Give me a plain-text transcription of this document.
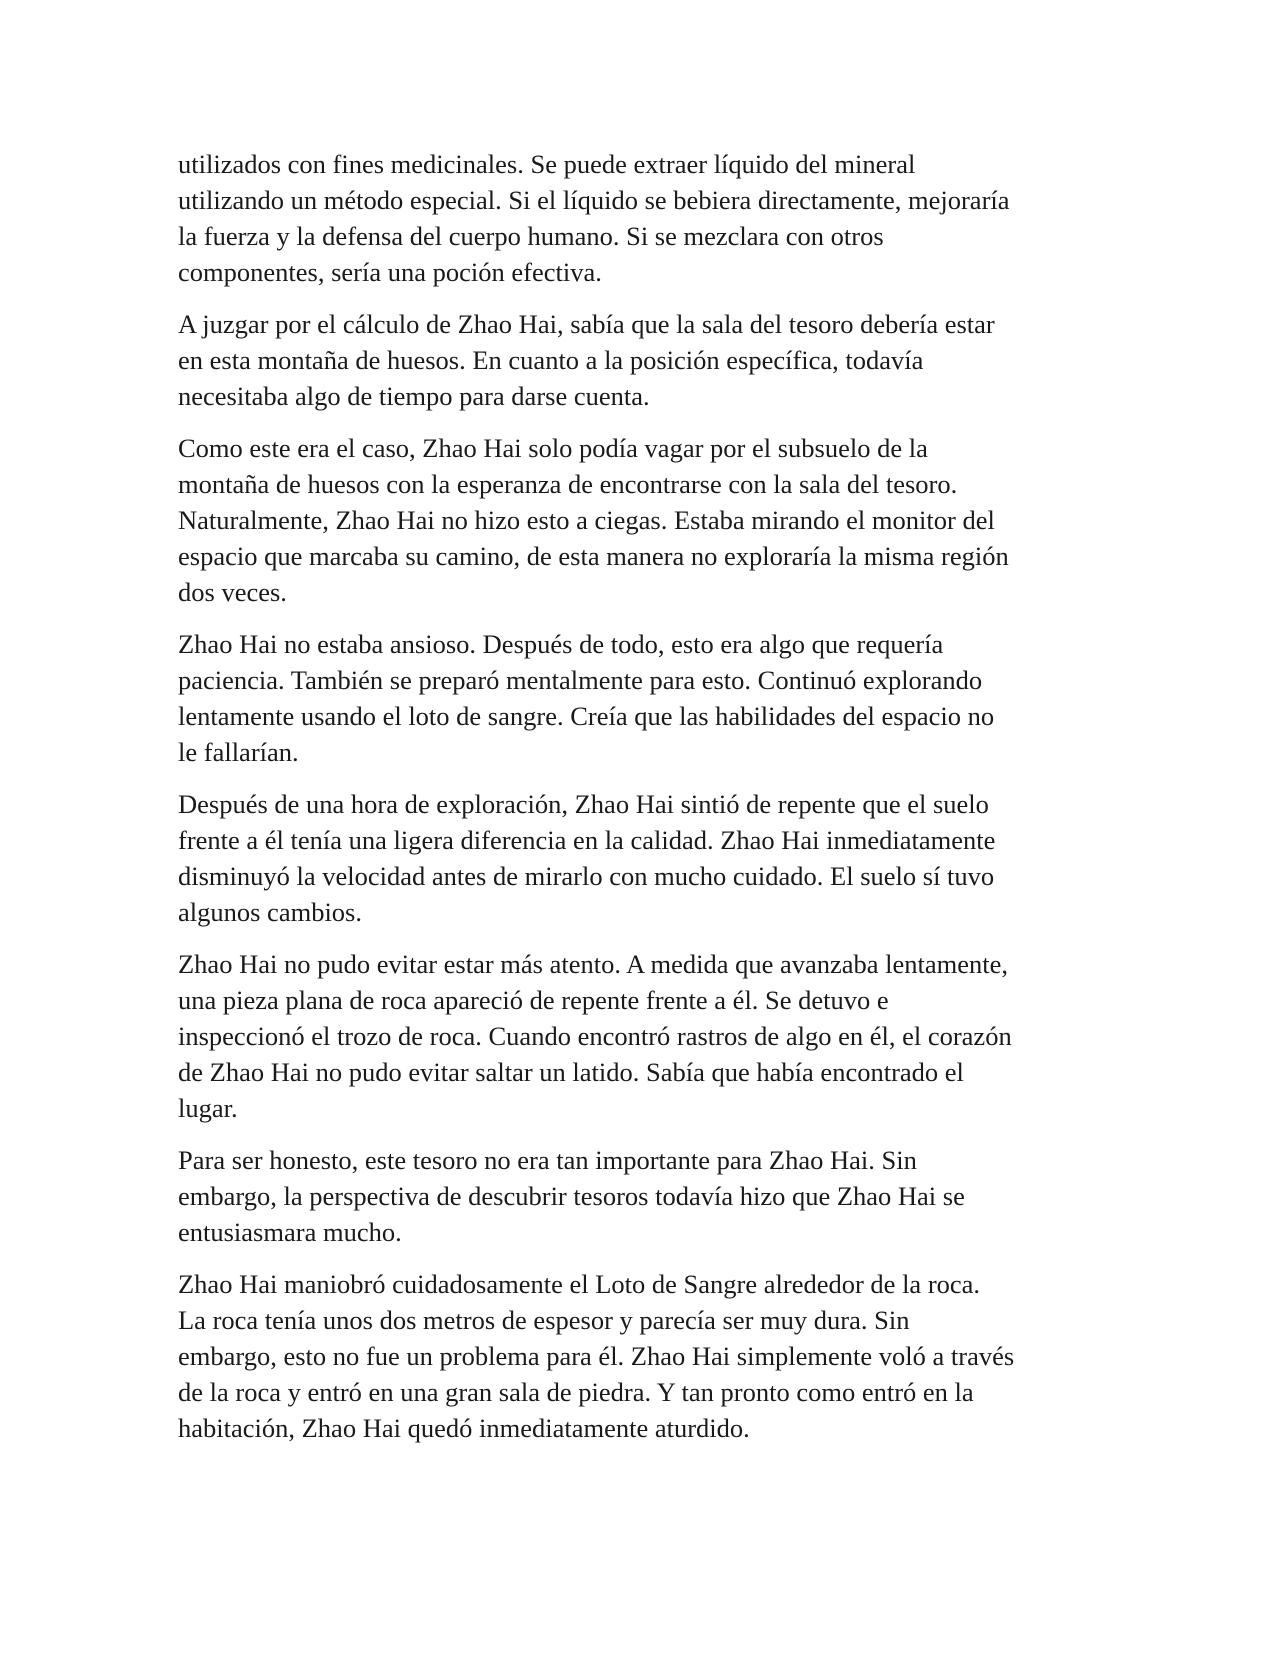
utilizados con fines medicinales. Se puede extraer líquido del mineral
utilizando un método especial. Si el líquido se bebiera directamente, mejoraría
la fuerza y la defensa del cuerpo humano. Si se mezclara con otros
componentes, sería una poción efectiva.

A juzgar por el cálculo de Zhao Hai, sabía que la sala del tesoro debería estar
en esta montaña de huesos. En cuanto a la posición específica, todavía
necesitaba algo de tiempo para darse cuenta.

Como este era el caso, Zhao Hai solo podía vagar por el subsuelo de la
montaña de huesos con la esperanza de encontrarse con la sala del tesoro.
Naturalmente, Zhao Hai no hizo esto a ciegas. Estaba mirando el monitor del
espacio que marcaba su camino, de esta manera no exploraría la misma región
dos veces.

Zhao Hai no estaba ansioso. Después de todo, esto era algo que requería
paciencia. También se preparó mentalmente para esto. Continuó explorando
lentamente usando el loto de sangre. Creía que las habilidades del espacio no
le fallarían.

Después de una hora de exploración, Zhao Hai sintió de repente que el suelo
frente a él tenía una ligera diferencia en la calidad. Zhao Hai inmediatamente
disminuyó la velocidad antes de mirarlo con mucho cuidado. El suelo sí tuvo
algunos cambios.

Zhao Hai no pudo evitar estar más atento. A medida que avanzaba lentamente,
una pieza plana de roca apareció de repente frente a él. Se detuvo e
inspeccionó el trozo de roca. Cuando encontró rastros de algo en él, el corazón
de Zhao Hai no pudo evitar saltar un latido. Sabía que había encontrado el
lugar.

Para ser honesto, este tesoro no era tan importante para Zhao Hai. Sin
embargo, la perspectiva de descubrir tesoros todavía hizo que Zhao Hai se
entusiasmara mucho.

Zhao Hai maniobró cuidadosamente el Loto de Sangre alrededor de la roca.
La roca tenía unos dos metros de espesor y parecía ser muy dura. Sin
embargo, esto no fue un problema para él. Zhao Hai simplemente voló a través
de la roca y entró en una gran sala de piedra. Y tan pronto como entró en la
habitación, Zhao Hai quedó inmediatamente aturdido.
